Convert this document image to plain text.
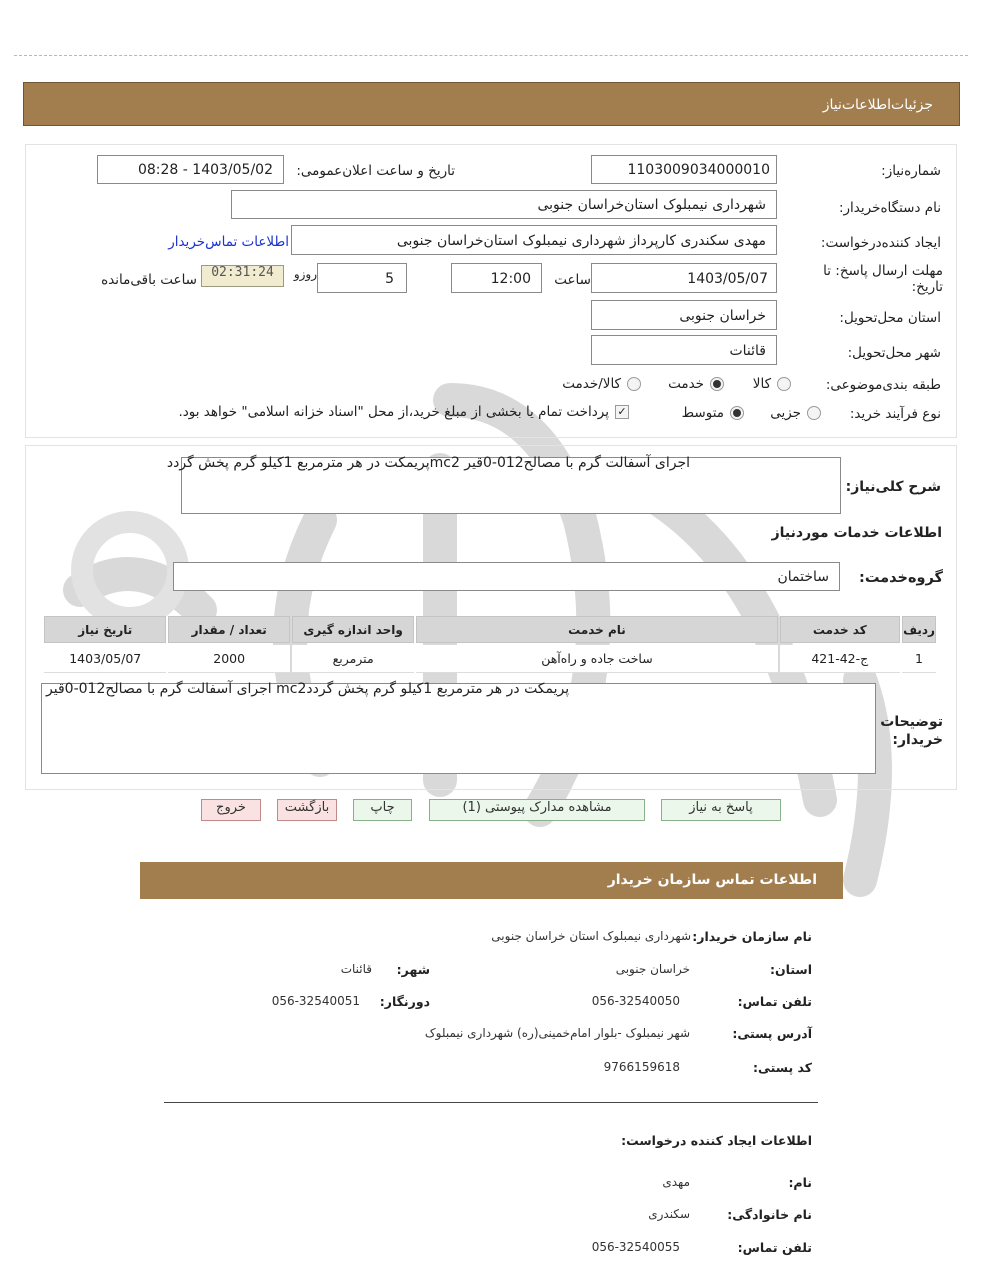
جزئیات‌اطلاعات‌نیاز
شماره‌نیاز:
1103009034000010
تاریخ و ساعت اعلان‌عمومی:
1403/05/02 - 08:28
نام دستگاه‌خریدار:
شهرداری نیمبلوک استان‌خراسان جنوبی
ایجاد کننده‌درخواست:
مهدی سکندری کارپرداز شهرداری نیمبلوک استان‌خراسان جنوبی
اطلاعات تماس‌خریدار
مهلت ارسال پاسخ: تا
تاریخ:
1403/05/07
ساعت
12:00
5
روزو
02:31:24
ساعت باقی‌مانده
استان محل‌تحویل:
خراسان جنوبی
شهر محل‌تحویل:
قائنات
طبقه بندی‌موضوعی:
کالا
خدمت
کالا/خدمت
نوع فرآیند خرید:
جزیی
متوسط
✓
پرداخت تمام یا بخشی از مبلغ خرید،از محل "اسناد خزانه اسلامی" خواهد بود.
شرح کلی‌نیاز:
اجرای آسفالت گرم با مصالح012-0قیر mc2پریمکت در هر مترمربع 1کیلو گرم پخش گردد
اطلاعات خدمات موردنیاز
گروه‌خدمت:
ساختمان
ردیف	کد خدمت	نام خدمت	واحد اندازه گیری	تعداد / مقدار	تاریخ نیاز
1	ج-42-421	ساخت جاده و راه‌آهن	مترمربع	2000	1403/05/07
توضیحات
خریدار:
پریمکت در هر مترمربع 1کیلو گرم پخش گرددmc2 اجرای آسفالت گرم با مصالح012-0قیر
پاسخ به نیاز
مشاهده مدارک پیوستی (1)
چاپ
بازگشت
خروج
اطلاعات تماس سازمان خریدار
نام سازمان خریدار:
شهرداری نیمبلوک استان خراسان جنوبی
استان:
خراسان جنوبی
شهر:
قائنات
تلفن تماس:
056-32540050
دورنگار:
056-32540051
آدرس پستی:
شهر نیمبلوک -بلوار امام‌خمینی(ره) شهرداری نیمبلوک
کد پستی:
9766159618
اطلاعات ایجاد کننده درخواست:
نام:
مهدی
نام خانوادگی:
سکندری
تلفن تماس:
056-32540055
